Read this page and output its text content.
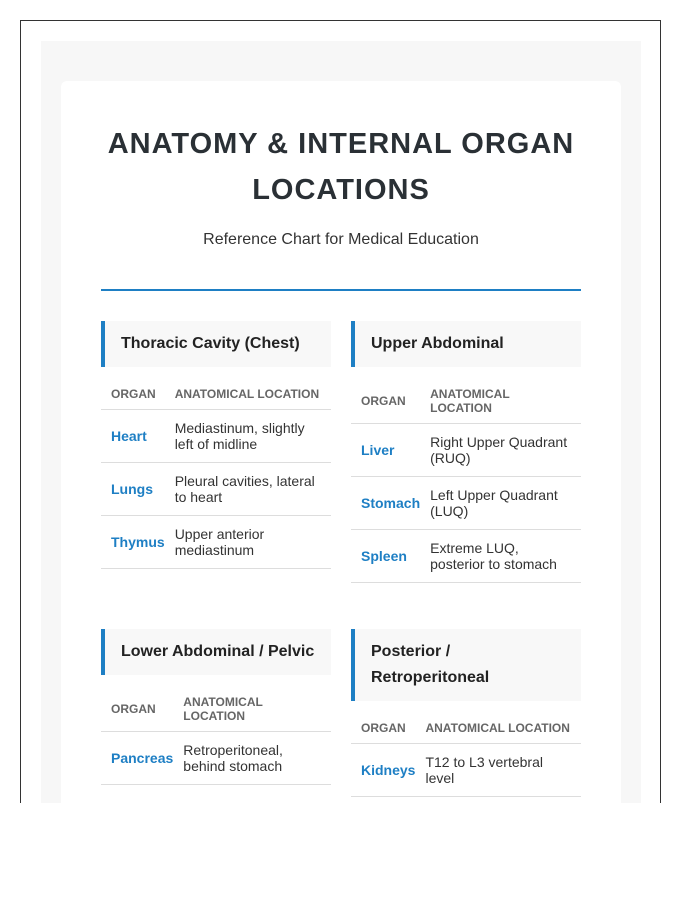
ANATOMY & INTERNAL ORGAN LOCATIONS
Reference Chart for Medical Education
Thoracic Cavity (Chest)
ORGAN	ANATOMICAL LOCATION
Heart	Mediastinum, slightly left of midline
Lungs	Pleural cavities, lateral to heart
Thymus	Upper anterior mediastinum
Upper Abdominal
ORGAN	ANATOMICAL LOCATION
Liver	Right Upper Quadrant (RUQ)
Stomach	Left Upper Quadrant (LUQ)
Spleen	Extreme LUQ, posterior to stomach
Lower Abdominal / Pelvic
ORGAN	ANATOMICAL LOCATION
Pancreas	Retroperitoneal, behind stomach
Posterior / Retroperitoneal
ORGAN	ANATOMICAL LOCATION
Kidneys	T12 to L3 vertebral level
